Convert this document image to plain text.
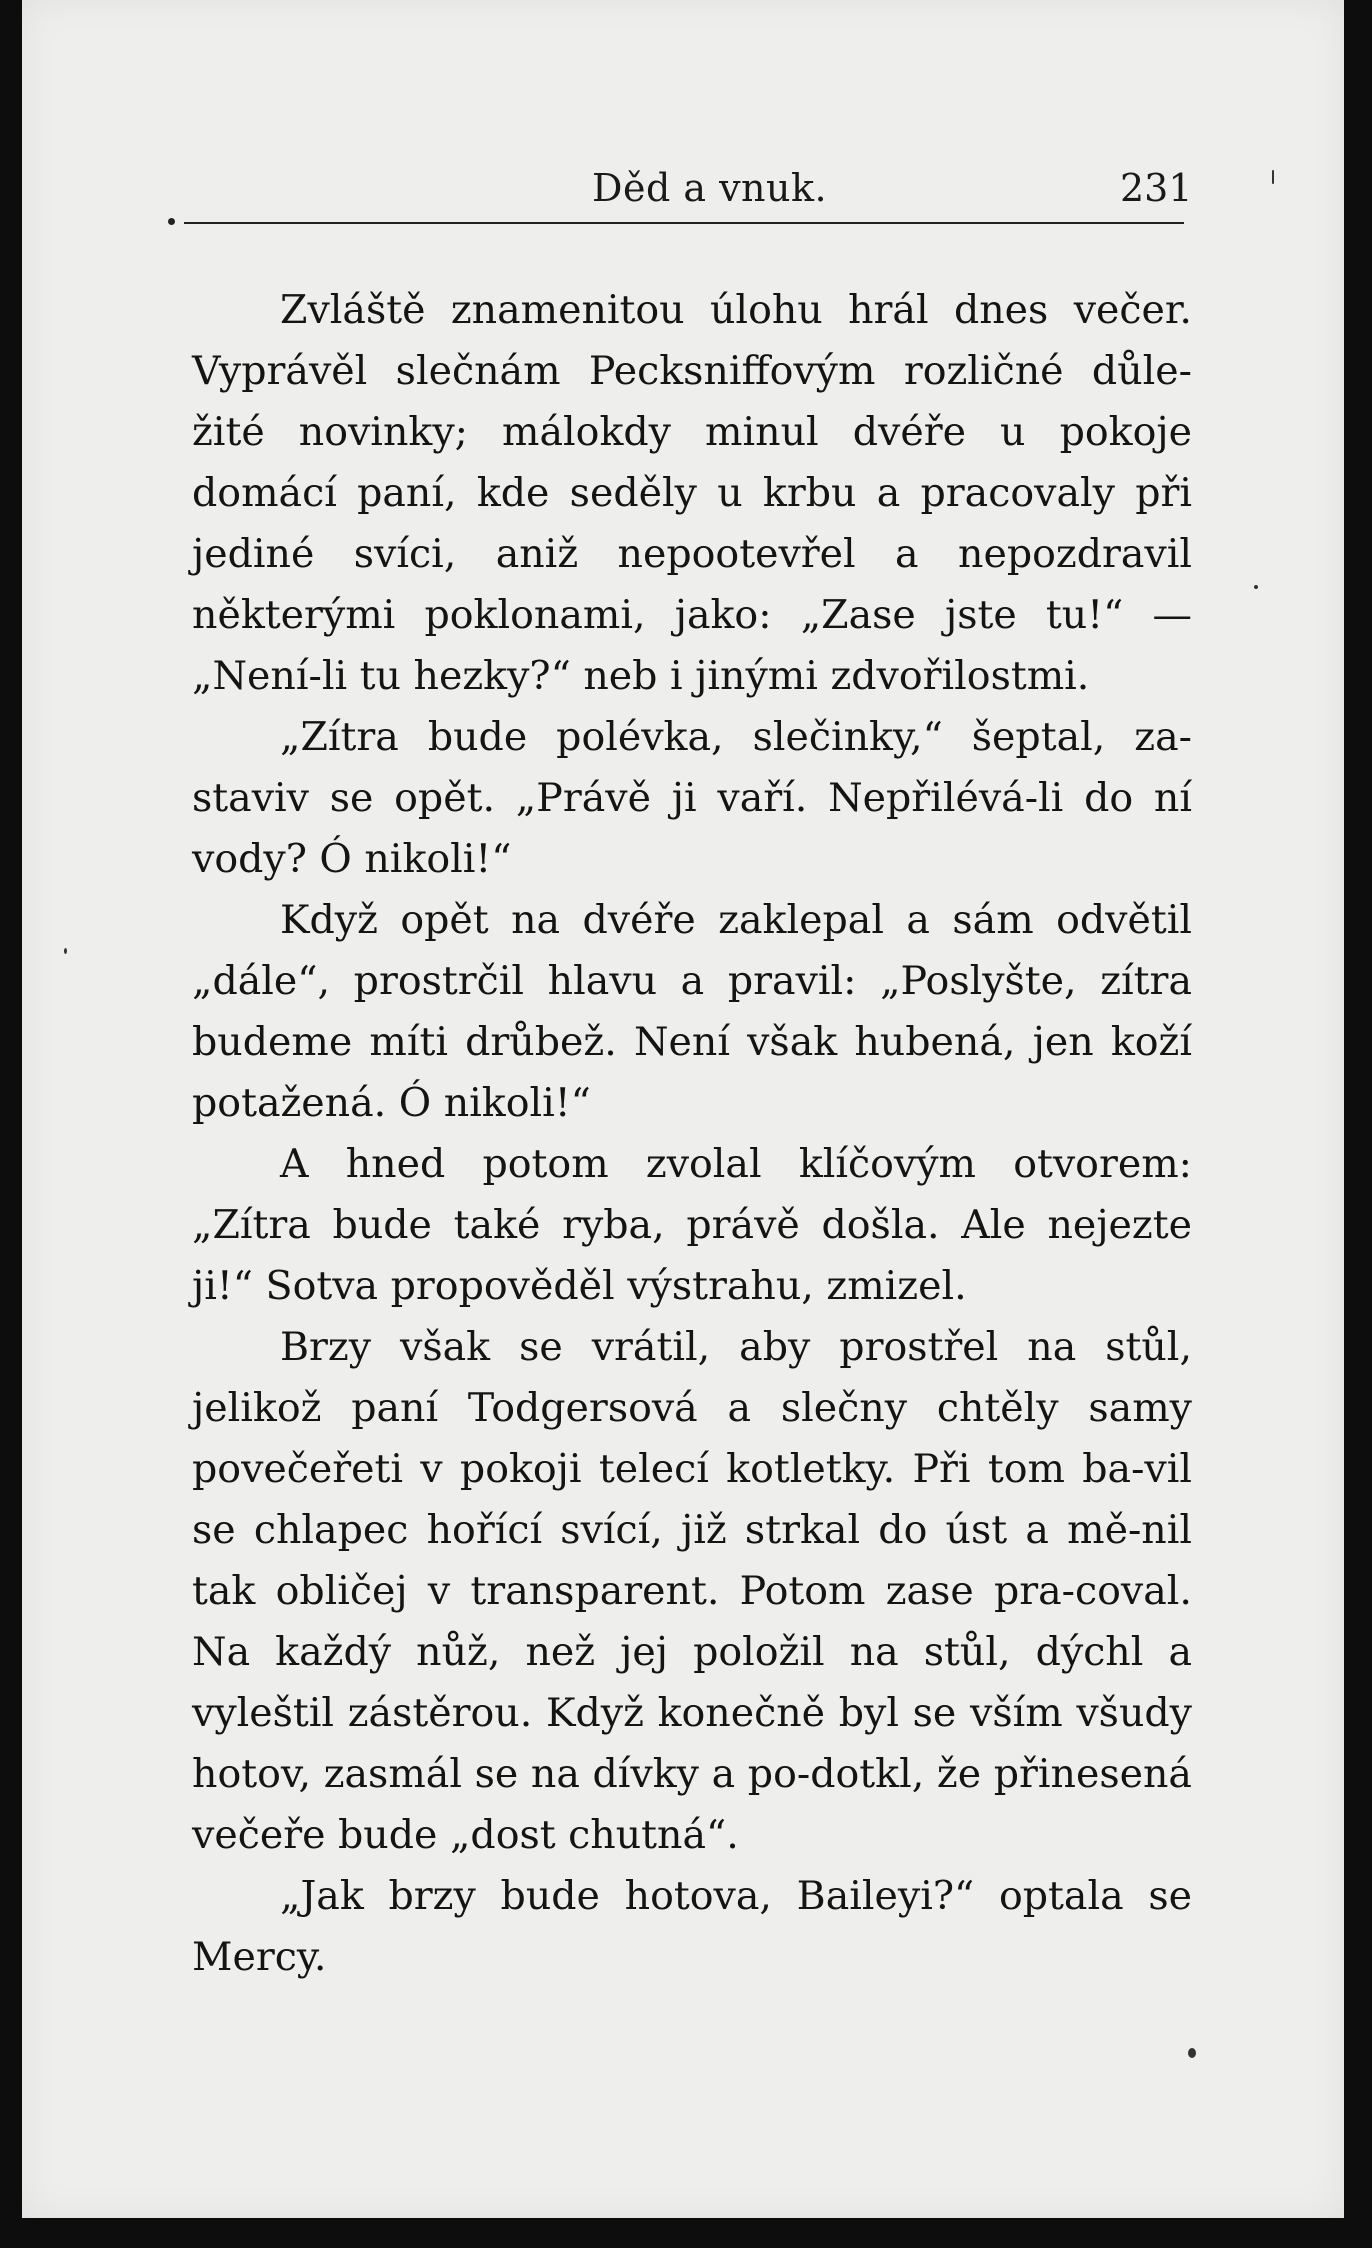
Děd a vnuk.	231

Zvláště znamenitou úlohu hrál dnes večer. Vyprávěl slečnám Pecksniffovým rozličné důle-žité novinky; málokdy minul dvéře u pokoje domácí paní, kde seděly u krbu a pracovaly při jediné svíci, aniž nepootevřel a nepozdravil některými poklonami, jako: „Zase jste tu!“ — „Není-li tu hezky?“ neb i jinými zdvořilostmi.

„Zítra bude polévka, slečinky,“ šeptal, za-staviv se opět. „Právě ji vaří. Nepřilévá-li do ní vody? Ó nikoli!“

Když opět na dvéře zaklepal a sám odvětil „dále“, prostrčil hlavu a pravil: „Poslyšte, zítra budeme míti drůbež. Není však hubená, jen koží potažená. Ó nikoli!“

A hned potom zvolal klíčovým otvorem: „Zítra bude také ryba, právě došla. Ale nejezte ji!“ Sotva propověděl výstrahu, zmizel.

Brzy však se vrátil, aby prostřel na stůl, jelikož paní Todgersová a slečny chtěly samy povečeřeti v pokoji telecí kotletky. Při tom ba-vil se chlapec hořící svící, již strkal do úst a mě-nil tak obličej v transparent. Potom zase pra-coval. Na každý nůž, než jej položil na stůl, dýchl a vyleštil zástěrou. Když konečně byl se vším všudy hotov, zasmál se na dívky a po-dotkl, že přinesená večeře bude „dost chutná“.

„Jak brzy bude hotova, Baileyi?“ optala se Mercy.
